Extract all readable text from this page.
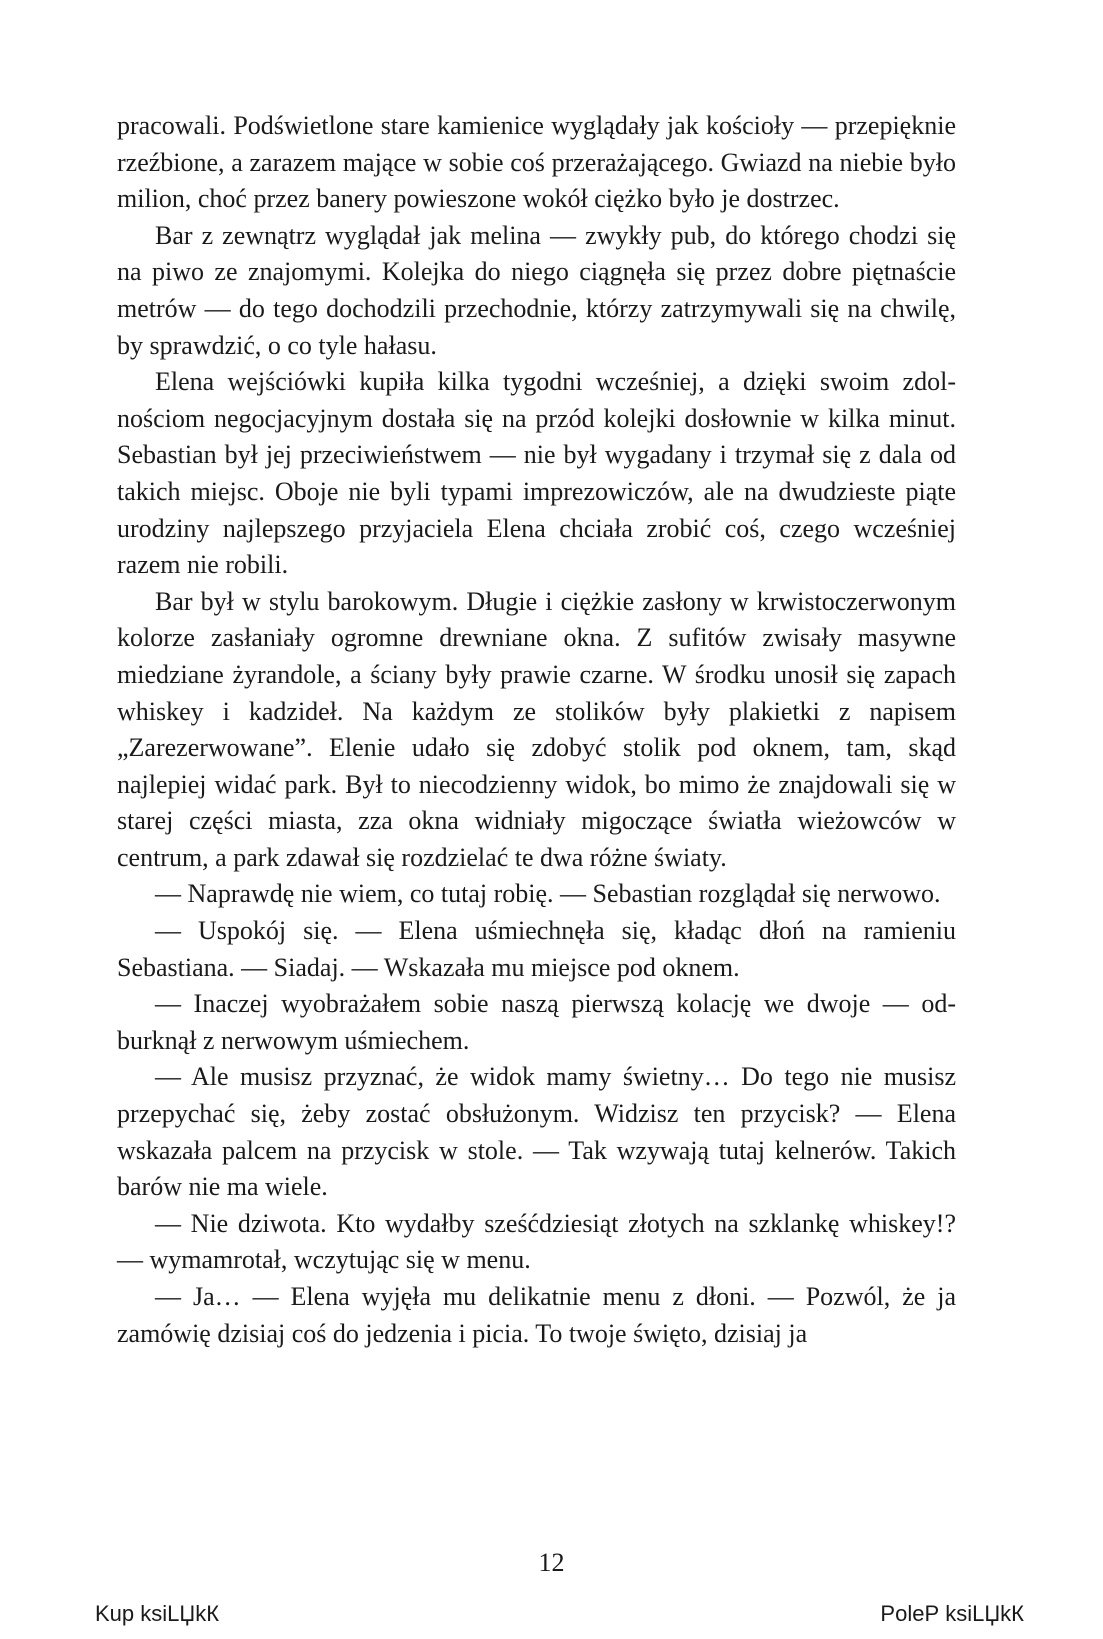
pracowali. Podświetlone stare kamienice wyglądały jak kościoły — przepięknie rzeźbione, a zarazem mające w sobie coś przerażającego. Gwiazd na niebie było milion, choć przez banery powieszone wokół ciężko było je dostrzec.

Bar z zewnątrz wyglądał jak melina — zwykły pub, do którego chodzi się na piwo ze znajomymi. Kolejka do niego ciągnęła się przez dobre piętnaście metrów — do tego dochodzili przechodnie, którzy zatrzymywali się na chwilę, by sprawdzić, o co tyle hałasu.

Elena wejściówki kupiła kilka tygodni wcześniej, a dzięki swoim zdolnościom negocjacyjnym dostała się na przód kolejki dosłownie w kilka minut. Sebastian był jej przeciwieństwem — nie był wygadany i trzymał się z dala od takich miejsc. Oboje nie byli typami imprezowiczów, ale na dwudzieste piąte urodziny najlepszego przyjaciela Elena chciała zrobić coś, czego wcześniej razem nie robili.

Bar był w stylu barokowym. Długie i ciężkie zasłony w krwistoczerwonym kolorze zasłaniały ogromne drewniane okna. Z sufitów zwisały masywne miedziane żyrandole, a ściany były prawie czarne. W środku unosił się zapach whiskey i kadzideł. Na każdym ze stolików były plakietki z napisem „Zarezerwowane”. Elenie udało się zdobyć stolik pod oknem, tam, skąd najlepiej widać park. Był to niecodzienny widok, bo mimo że znajdowali się w starej części miasta, zza okna widniały migoczące światła wieżowców w centrum, a park zdawał się rozdzielać te dwa różne światy.

— Naprawdę nie wiem, co tutaj robię. — Sebastian rozglądał się nerwowo.

— Uspokój się. — Elena uśmiechnęła się, kładąc dłoń na ramieniu Sebastiana. — Siadaj. — Wskazała mu miejsce pod oknem.

— Inaczej wyobrażałem sobie naszą pierwszą kolację we dwoje — odburknął z nerwowym uśmiechem.

— Ale musisz przyznać, że widok mamy świetny… Do tego nie musisz przepychać się, żeby zostać obsłużonym. Widzisz ten przycisk? — Elena wskazała palcem na przycisk w stole. — Tak wzywają tutaj kelnerów. Takich barów nie ma wiele.

— Nie dziwota. Kto wydałby sześćdziesiąt złotych na szklankę whiskey!? — wymamrotał, wczytując się w menu.

— Ja… — Elena wyjęła mu delikatnie menu z dłoni. — Pozwól, że ja zamówię dzisiaj coś do jedzenia i picia. To twoje święto, dzisiaj ja

12
Kup ksiLЏkК	PoleР ksiLЏkК
